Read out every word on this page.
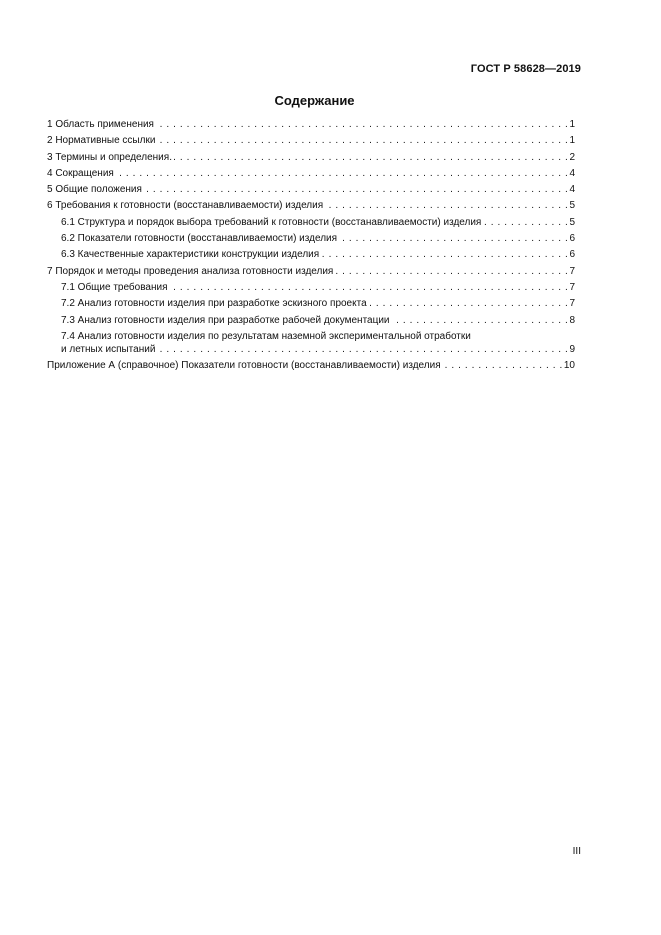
ГОСТ Р 58628—2019
Содержание
1 Область применения . . .	1
2 Нормативные ссылки . . .	1
3 Термины и определения. . . .	2
4 Сокращения . . .	4
5 Общие положения . . .	4
6 Требования к готовности (восстанавливаемости) изделия . . .	5
6.1 Структура и порядок выбора требований к готовности (восстанавливаемости) изделия . . .	5
6.2 Показатели готовности (восстанавливаемости) изделия . . .	6
6.3 Качественные характеристики конструкции изделия . . .	6
7 Порядок и методы проведения анализа готовности изделия . . .	7
7.1 Общие требования . . .	7
7.2 Анализ готовности изделия при разработке эскизного проекта . . .	7
7.3 Анализ готовности изделия при разработке рабочей документации . . .	8
7.4 Анализ готовности изделия по результатам наземной экспериментальной отработки
и летных испытаний . . .	9
Приложение А (справочное) Показатели готовности (восстанавливаемости) изделия . . .	10
III
